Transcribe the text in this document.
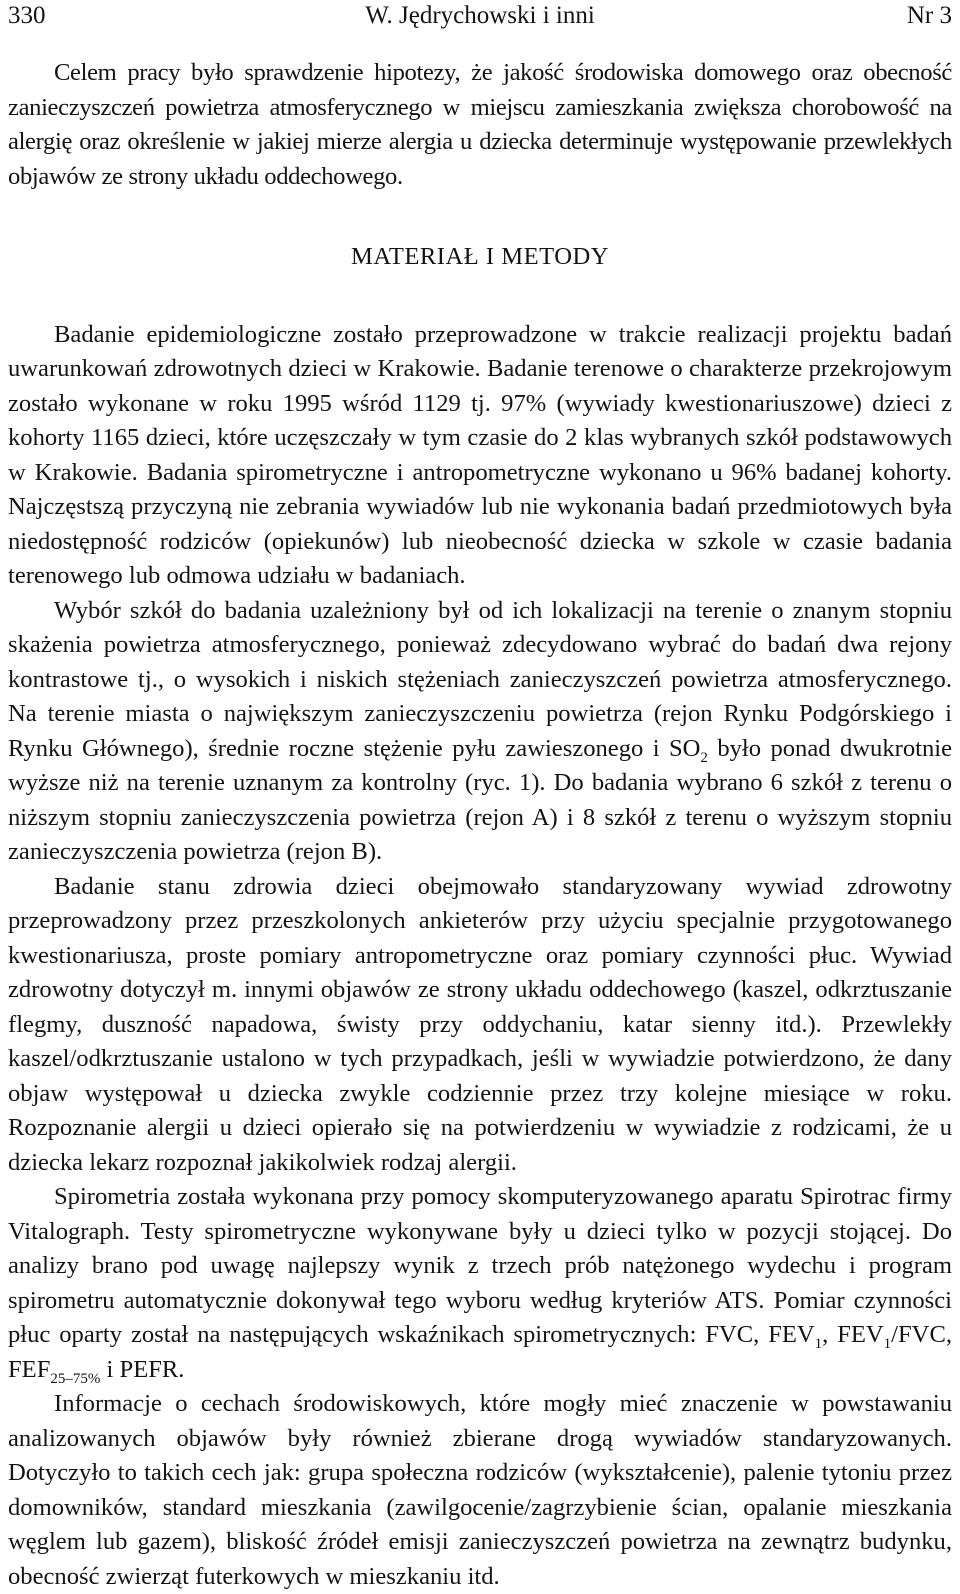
330	W. Jędrychowski i inni	Nr 3

Celem pracy było sprawdzenie hipotezy, że jakość środowiska domowego oraz obecność zanieczyszczeń powietrza atmosferycznego w miejscu zamieszkania zwiększa chorobowość na alergię oraz określenie w jakiej mierze alergia u dziecka determinuje występowanie przewlekłych objawów ze strony układu oddechowego.

MATERIAŁ I METODY

Badanie epidemiologiczne zostało przeprowadzone w trakcie realizacji projektu badań uwarunkowań zdrowotnych dzieci w Krakowie. Badanie terenowe o charakterze przekrojowym zostało wykonane w roku 1995 wśród 1129 tj. 97% (wywiady kwestionariuszowe) dzieci z kohorty 1165 dzieci, które uczęszczały w tym czasie do 2 klas wybranych szkół podstawowych w Krakowie. Badania spirometryczne i antropometryczne wykonano u 96% badanej kohorty. Najczęstszą przyczyną nie zebrania wywiadów lub nie wykonania badań przedmiotowych była niedostępność rodziców (opiekunów) lub nieobecność dziecka w szkole w czasie badania terenowego lub odmowa udziału w badaniach.

Wybór szkół do badania uzależniony był od ich lokalizacji na terenie o znanym stopniu skażenia powietrza atmosferycznego, ponieważ zdecydowano wybrać do badań dwa rejony kontrastowe tj., o wysokich i niskich stężeniach zanieczyszczeń powietrza atmosferycznego. Na terenie miasta o największym zanieczyszczeniu powietrza (rejon Rynku Podgórskiego i Rynku Głównego), średnie roczne stężenie pyłu zawieszonego i $SO_2$ było ponad dwukrotnie wyższe niż na terenie uznanym za kontrolny (ryc. 1). Do badania wybrano 6 szkół z terenu o niższym stopniu zanieczyszczenia powietrza (rejon A) i 8 szkół z terenu o wyższym stopniu zanieczyszczenia powietrza (rejon B).

Badanie stanu zdrowia dzieci obejmowało standaryzowany wywiad zdrowotny przeprowadzony przez przeszkolonych ankieterów przy użyciu specjalnie przygotowanego kwestionariusza, proste pomiary antropometryczne oraz pomiary czynności płuc. Wywiad zdrowotny dotyczył m. innymi objawów ze strony układu oddechowego (kaszel, odkrztuszanie flegmy, duszność napadowa, świsty przy oddychaniu, katar sienny itd.). Przewlekły kaszel/odkrztuszanie ustalono w tych przypadkach, jeśli w wywiadzie potwierdzono, że dany objaw występował u dziecka zwykle codziennie przez trzy kolejne miesiące w roku. Rozpoznanie alergii u dzieci opierało się na potwierdzeniu w wywiadzie z rodzicami, że u dziecka lekarz rozpoznał jakikolwiek rodzaj alergii.

Spirometria została wykonana przy pomocy skomputeryzowanego aparatu Spirotrac firmy Vitalograph. Testy spirometryczne wykonywane były u dzieci tylko w pozycji stojącej. Do analizy brano pod uwagę najlepszy wynik z trzech prób natężonego wydechu i program spirometru automatycznie dokonywał tego wyboru według kryteriów ATS. Pomiar czynności płuc oparty został na następujących wskaźnikach spirometrycznych: FVC, $FEV_1$, $FEV_1$/FVC, $FEF_{25-75\%}$ i PEFR.

Informacje o cechach środowiskowych, które mogły mieć znaczenie w powstawaniu analizowanych objawów były również zbierane drogą wywiadów standaryzowanych. Dotyczyło to takich cech jak: grupa społeczna rodziców (wykształcenie), palenie tytoniu przez domowników, standard mieszkania (zawilgocenie/zagrzybienie ścian, opalanie mieszkania węglem lub gazem), bliskość źródeł emisji zanieczyszczeń powietrza na zewnątrz budynku, obecność zwierząt futerkowych w mieszkaniu itd.
